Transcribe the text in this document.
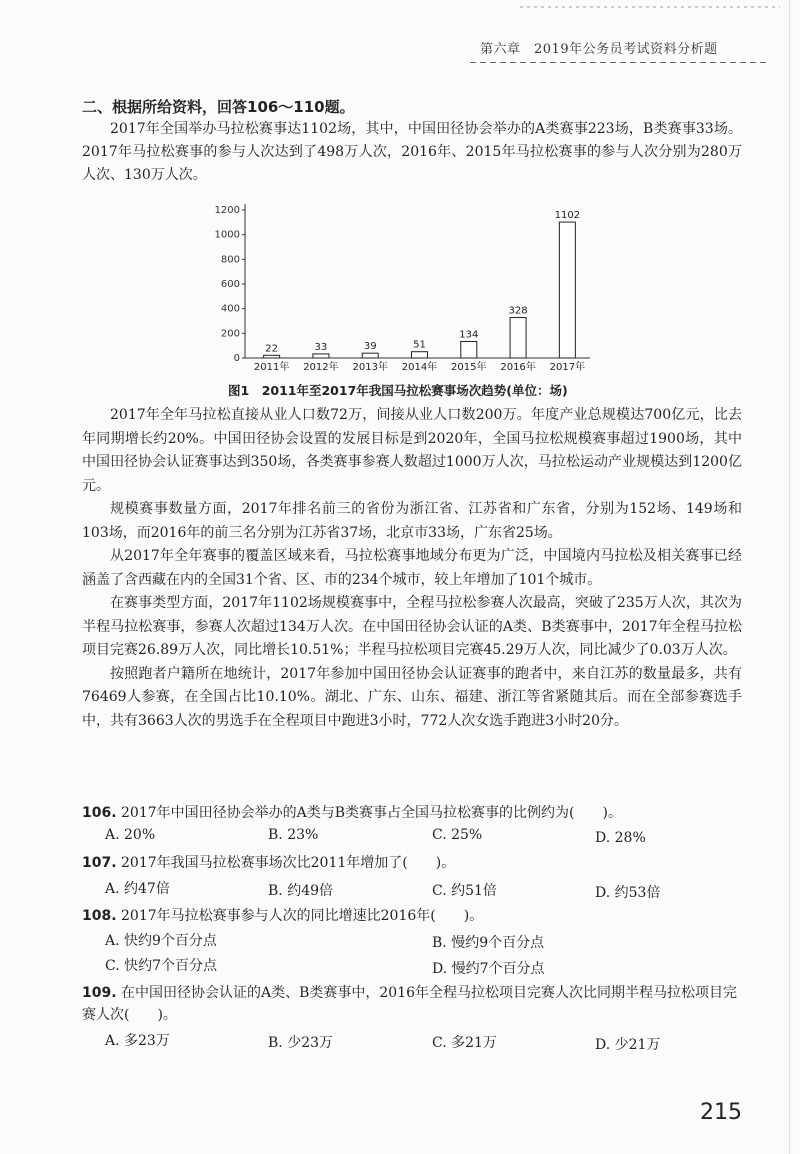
第六章　2019年公务员考试资料分析题
二、根据所给资料，回答106～110题。

2017年全国举办马拉松赛事达1102场，其中，中国田径协会举办的A类赛事223场，B类赛事33场。2017年马拉松赛事的参与人次达到了498万人次，2016年、2015年马拉松赛事的参与人次分别为280万人次、130万人次。

0
200
400
600
800
1000
1200
22
2011年
33
2012年
39
2013年
51
2014年
134
2015年
328
2016年
1102
2017年
图1　2011年至2017年我国马拉松赛事场次趋势(单位：场)

2017年全年马拉松直接从业人口数72万，间接从业人口数200万。年度产业总规模达700亿元，比去年同期增长约20%。中国田径协会设置的发展目标是到2020年，全国马拉松规模赛事超过1900场，其中中国田径协会认证赛事达到350场，各类赛事参赛人数超过1000万人次，马拉松运动产业规模达到1200亿元。

规模赛事数量方面，2017年排名前三的省份为浙江省、江苏省和广东省，分别为152场、149场和103场，而2016年的前三名分别为江苏省37场，北京市33场，广东省25场。

从2017年全年赛事的覆盖区域来看，马拉松赛事地域分布更为广泛，中国境内马拉松及相关赛事已经涵盖了含西藏在内的全国31个省、区、市的234个城市，较上年增加了101个城市。

在赛事类型方面，2017年1102场规模赛事中，全程马拉松参赛人次最高，突破了235万人次，其次为半程马拉松赛事，参赛人次超过134万人次。在中国田径协会认证的A类、B类赛事中，2017年全程马拉松项目完赛26.89万人次，同比增长10.51%；半程马拉松项目完赛45.29万人次，同比减少了0.03万人次。

按照跑者户籍所在地统计，2017年参加中国田径协会认证赛事的跑者中，来自江苏的数量最多，共有76469人参赛，在全国占比10.10%。湖北、广东、山东、福建、浙江等省紧随其后。而在全部参赛选手中，共有3663人次的男选手在全程项目中跑进3小时，772人次女选手跑进3小时20分。

106. 2017年中国田径协会举办的A类与B类赛事占全国马拉松赛事的比例约为(　　)。
A. 20%	B. 23%	C. 25%	D. 28%
107. 2017年我国马拉松赛事场次比2011年增加了(　　)。
A. 约47倍	B. 约49倍	C. 约51倍	D. 约53倍
108. 2017年马拉松赛事参与人次的同比增速比2016年(　　)。
A. 快约9个百分点	B. 慢约9个百分点
C. 快约7个百分点	D. 慢约7个百分点
109. 在中国田径协会认证的A类、B类赛事中，2016年全程马拉松项目完赛人次比同期半程马拉松项目完赛人次(　　)。
A. 多23万	B. 少23万	C. 多21万	D. 少21万
215
